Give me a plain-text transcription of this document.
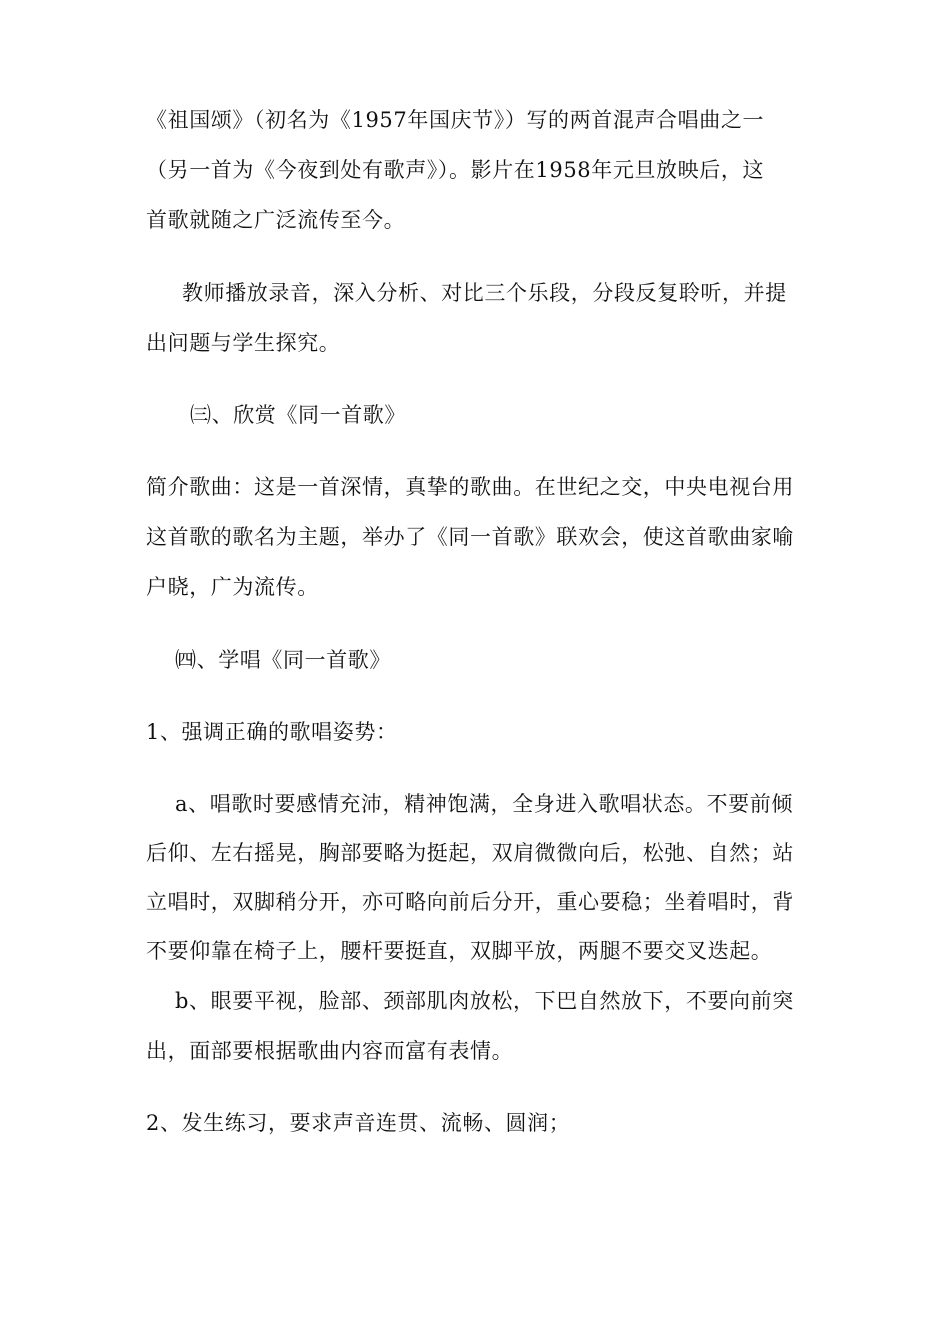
《祖国颂》（初名为《1957年国庆节》）写的两首混声合唱曲之一
（另一首为《今夜到处有歌声》）。影片在1958年元旦放映后，这
首歌就随之广泛流传至今。
教师播放录音，深入分析、对比三个乐段，分段反复聆听，并提
出问题与学生探究。
㈢、欣赏《同一首歌》
简介歌曲：这是一首深情，真挚的歌曲。在世纪之交，中央电视台用
这首歌的歌名为主题，举办了《同一首歌》联欢会，使这首歌曲家喻
户晓，广为流传。
㈣、学唱《同一首歌》
1、强调正确的歌唱姿势：
a、唱歌时要感情充沛，精神饱满，全身进入歌唱状态。不要前倾
后仰、左右摇晃，胸部要略为挺起，双肩微微向后，松弛、自然；站
立唱时，双脚稍分开，亦可略向前后分开，重心要稳；坐着唱时，背
不要仰靠在椅子上，腰杆要挺直，双脚平放，两腿不要交叉迭起。
b、眼要平视，脸部、颈部肌肉放松，下巴自然放下，不要向前突
出，面部要根据歌曲内容而富有表情。
2、发生练习，要求声音连贯、流畅、圆润；
